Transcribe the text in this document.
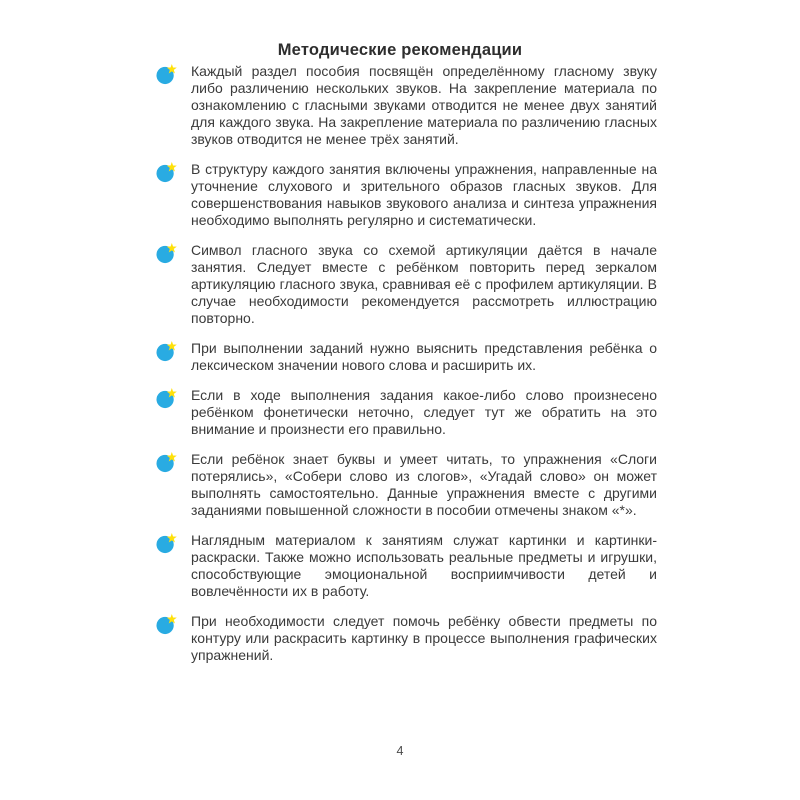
Методические рекомендации

Каждый раздел пособия посвящён определённому гласному звуку либо различению нескольких звуков. На закрепление материала по ознакомлению с гласными звуками отводится не менее двух занятий для каждого звука. На закрепление материала по различению гласных звуков отводится не менее трёх занятий.

В структуру каждого занятия включены упражнения, направленные на уточнение слухового и зрительного образов гласных звуков. Для совершенствования навыков звукового анализа и синтеза упражнения необходимо выполнять регулярно и систематически.

Символ гласного звука со схемой артикуляции даётся в начале занятия. Следует вместе с ребёнком повторить перед зеркалом артикуляцию гласного звука, сравнивая её с профилем артикуляции. В случае необходимости рекомендуется рассмотреть иллюстрацию повторно.

При выполнении заданий нужно выяснить представления ребёнка о лексическом значении нового слова и расширить их.

Если в ходе выполнения задания какое-либо слово произнесено ребёнком фонетически неточно, следует тут же обратить на это внимание и произнести его правильно.

Если ребёнок знает буквы и умеет читать, то упражнения «Слоги потерялись», «Собери слово из слогов», «Угадай слово» он может выполнять самостоятельно. Данные упражнения вместе с другими заданиями повышенной сложности в пособии отмечены знаком «*».

Наглядным материалом к занятиям служат картинки и картинки-раскраски. Также можно использовать реальные предметы и игрушки, способствующие эмоциональной восприимчивости детей и вовлечённости их в работу.

При необходимости следует помочь ребёнку обвести предметы по контуру или раскрасить картинку в процессе выполнения графических упражнений.

4
